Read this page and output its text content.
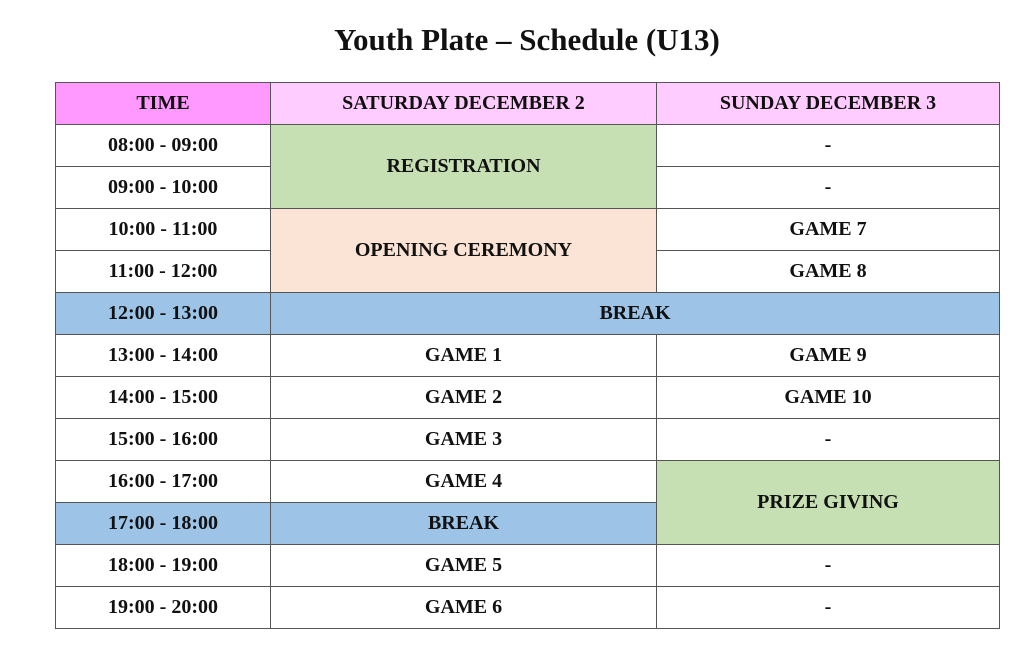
Youth Plate – Schedule (U13)
TIME	SATURDAY DECEMBER 2	SUNDAY DECEMBER 3
08:00 - 09:00	REGISTRATION	-
09:00 - 10:00		-
10:00 - 11:00	OPENING CEREMONY	GAME 7
11:00 - 12:00		GAME 8
12:00 - 13:00	BREAK	
13:00 - 14:00	GAME 1	GAME 9
14:00 - 15:00	GAME 2	GAME 10
15:00 - 16:00	GAME 3	-
16:00 - 17:00	GAME 4	PRIZE GIVING
17:00 - 18:00	BREAK	
18:00 - 19:00	GAME 5	-
19:00 - 20:00	GAME 6	-
